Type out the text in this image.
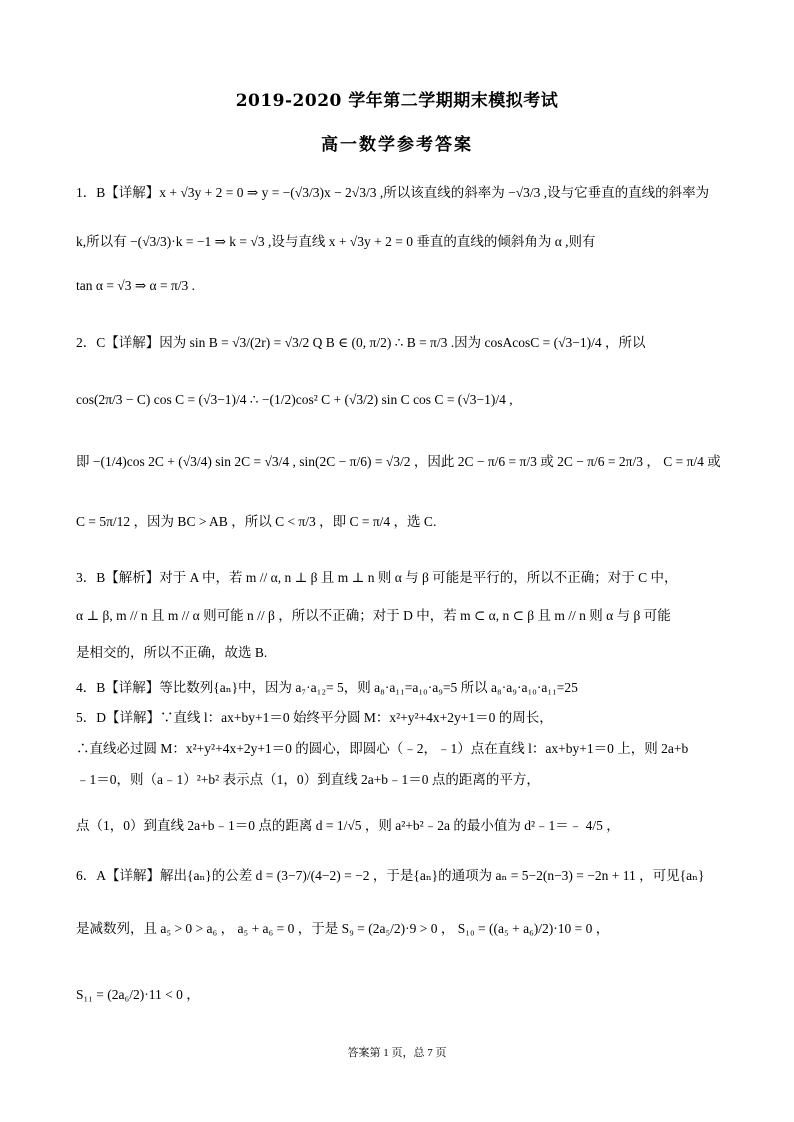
2019-2020 学年第二学期期末模拟考试
高一数学参考答案
1．B【详解】x + √3y + 2 = 0 ⇒ y = −(√3/3)x − 2√3/3 ,所以该直线的斜率为 −√3/3 ,设与它垂直的直线的斜率为
k,所以有 −(√3/3)·k = −1 ⇒ k = √3 ,设与直线 x + √3y + 2 = 0 垂直的直线的倾斜角为 α ,则有
tan α = √3 ⇒ α = π/3 .
2．C【详解】因为 sin B = √3/(2r) = √3/2 Q B ∈ (0, π/2) ∴ B = π/3 .因为 cosAcosC = (√3−1)/4 ，所以
cos(2π/3 − C) cos C = (√3−1)/4 ∴ −(1/2)cos² C + (√3/2) sin C cos C = (√3−1)/4 ,
即 −(1/4)cos 2C + (√3/4) sin 2C = √3/4 , sin(2C − π/6) = √3/2 ，因此 2C − π/6 = π/3 或 2C − π/6 = 2π/3 ， C = π/4 或
C = 5π/12 ，因为 BC > AB ，所以 C < π/3 ，即 C = π/4 ，选 C.
3．B【解析】对于 A 中，若 m // α, n ⊥ β 且 m ⊥ n 则 α 与 β 可能是平行的，所以不正确；对于 C 中，
α ⊥ β, m // n 且 m // α 则可能 n // β ，所以不正确；对于 D 中，若 m ⊂ α, n ⊂ β 且 m // n 则 α 与 β 可能
是相交的，所以不正确，故选 B.
4．B【详解】等比数列{aₙ}中，因为 a₇·a₁₂= 5，则 a₈·a₁₁=a₁₀·a₉=5 所以 a₈·a₉·a₁₀·a₁₁=25
5．D【详解】∵直线 l：ax+by+1＝0 始终平分圆 M：x²+y²+4x+2y+1＝0 的周长，
∴直线必过圆 M：x²+y²+4x+2y+1＝0 的圆心，即圆心（﹣2，﹣1）点在直线 l：ax+by+1＝0 上，则 2a+b
﹣1＝0，则（a﹣1）²+b² 表示点（1，0）到直线 2a+b﹣1＝0 点的距离的平方，
点（1，0）到直线 2a+b﹣1＝0 点的距离 d = 1/√5 ，则 a²+b²﹣2a 的最小值为 d²﹣1＝﹣ 4/5 ，
6．A【详解】解出{aₙ}的公差 d = (3−7)/(4−2) = −2 ，于是{aₙ}的通项为 aₙ = 5−2(n−3) = −2n + 11 ，可见{aₙ}
是减数列，且 a₅ > 0 > a₆ ， a₅ + a₆ = 0 ，于是 S₉ = (2a₅/2)·9 > 0 ， S₁₀ = ((a₅ + a₆)/2)·10 = 0 ，
S₁₁ = (2a₆/2)·11 < 0 ，
答案第 1 页，总 7 页
